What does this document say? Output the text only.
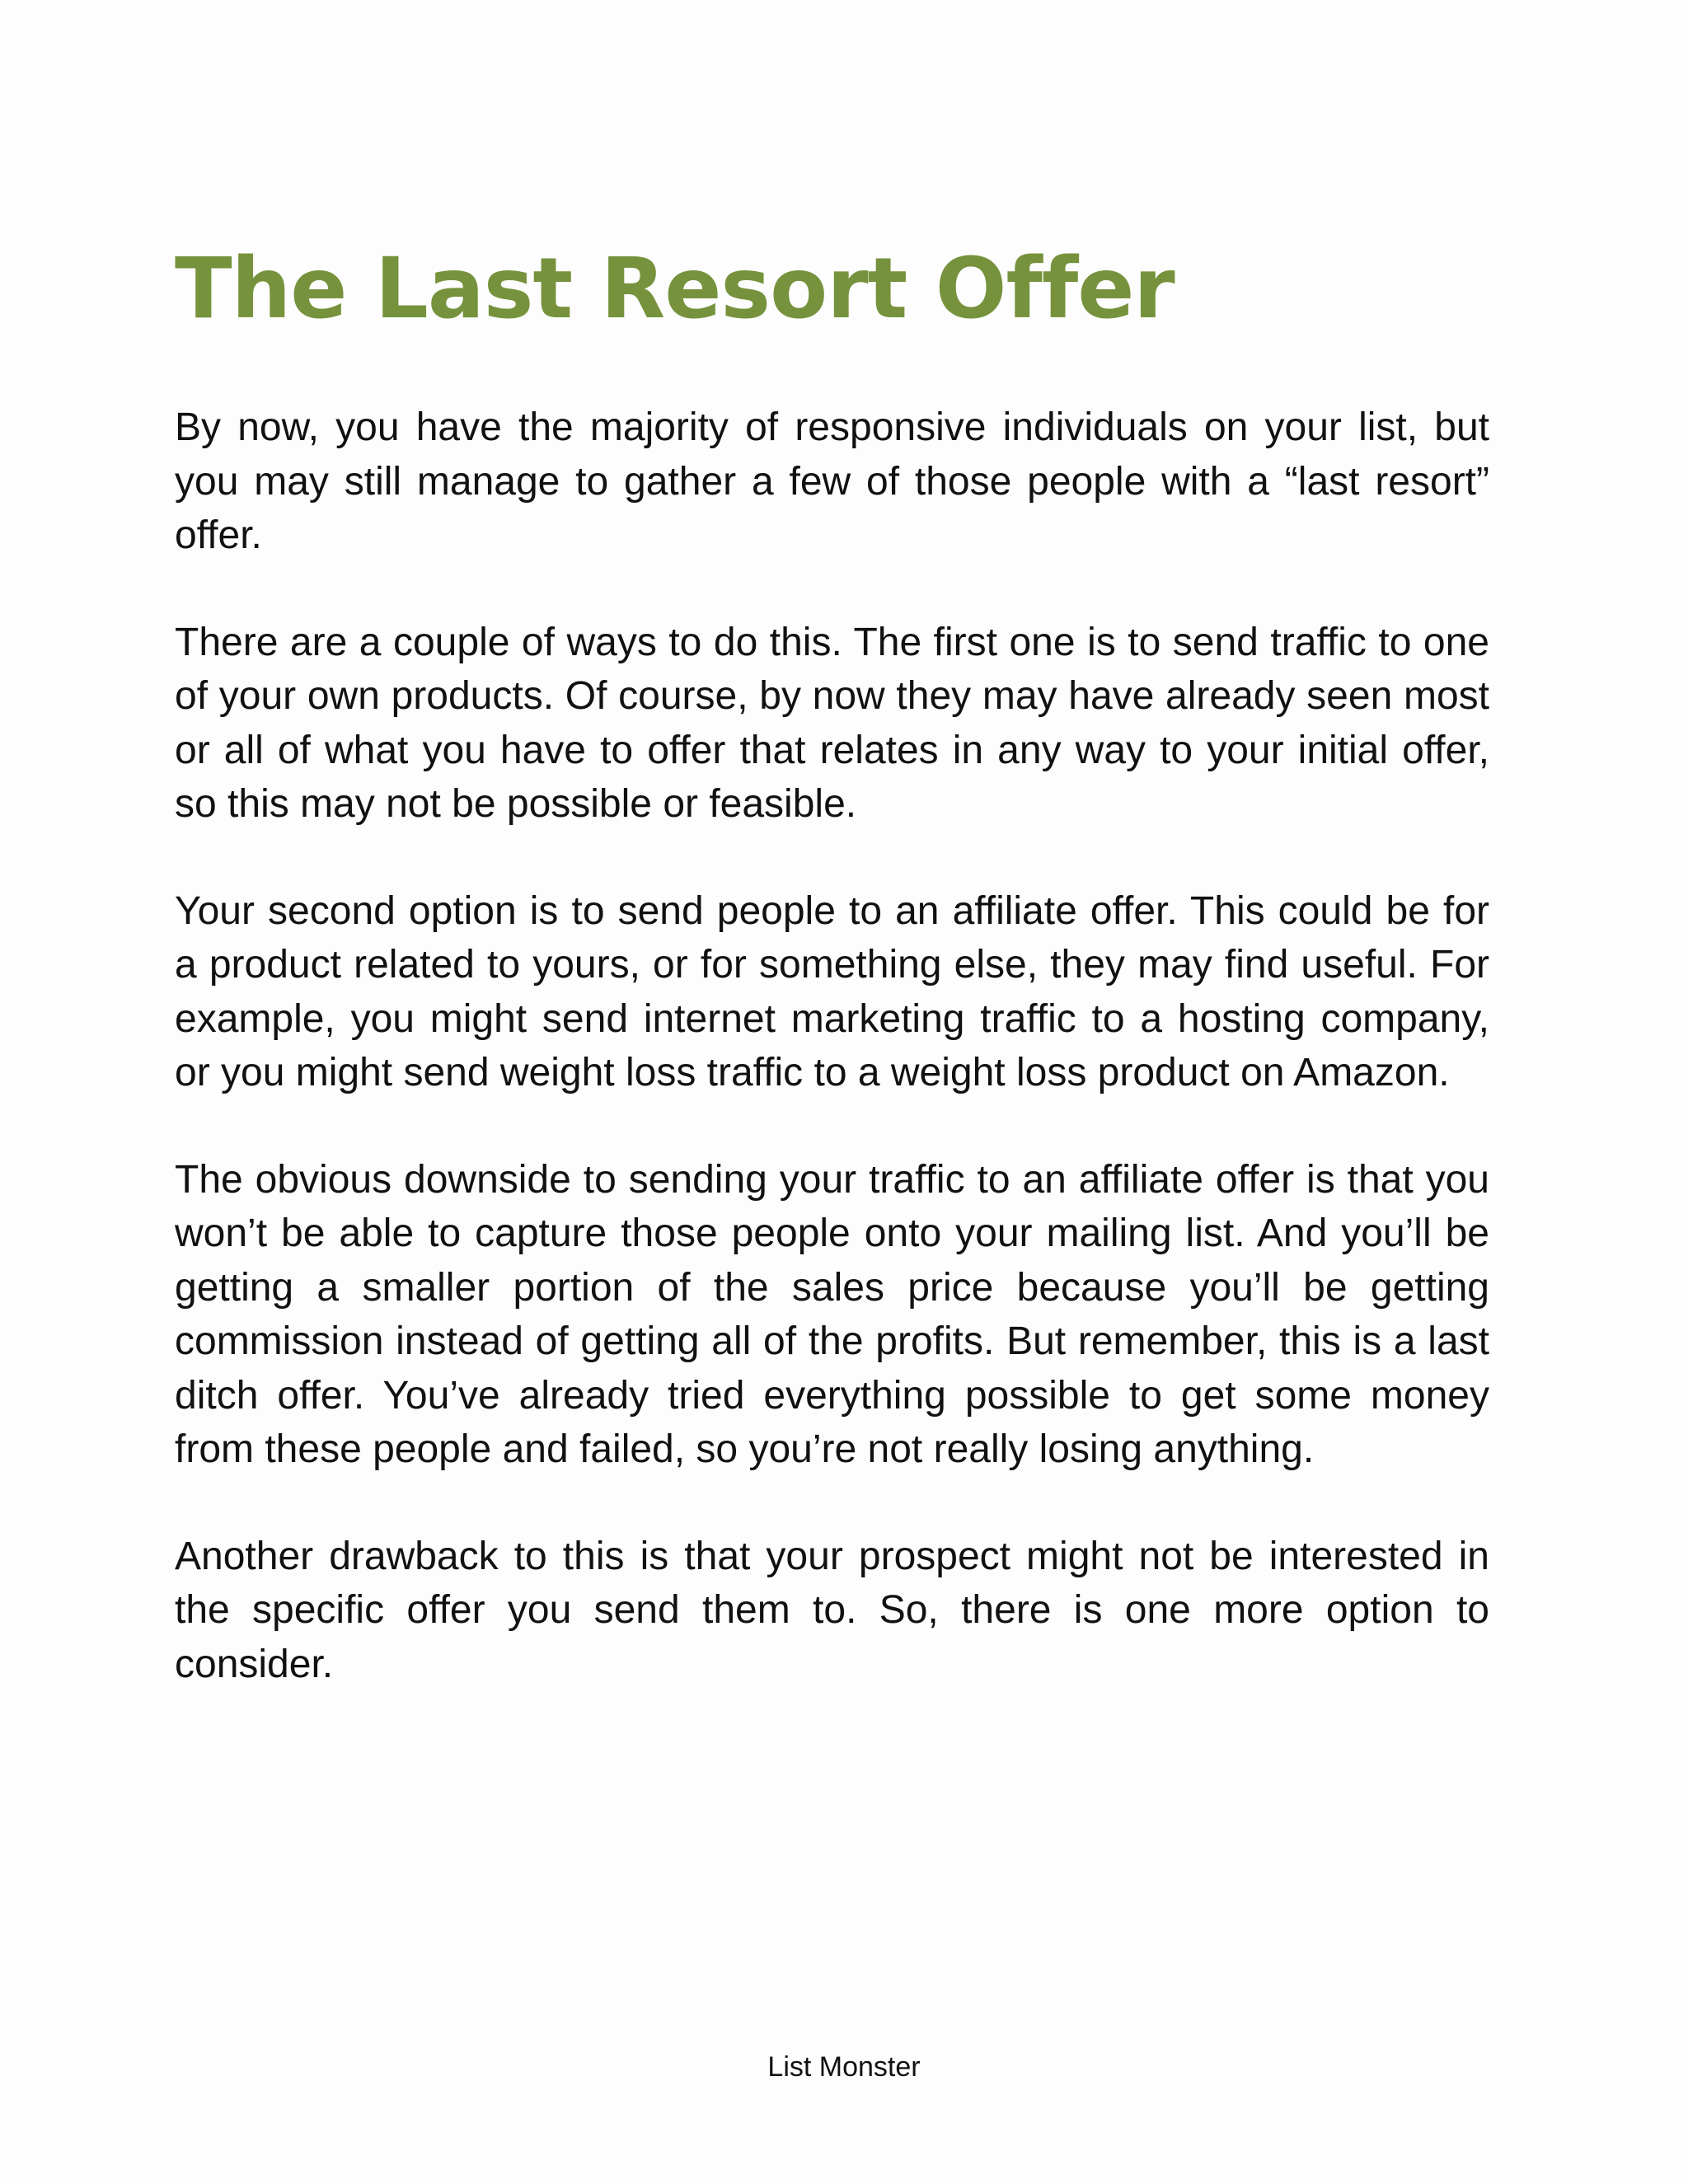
The Last Resort Offer

By now, you have the majority of responsive individuals on your list, but you may still manage to gather a few of those people with a “last resort” offer.

There are a couple of ways to do this. The first one is to send traffic to one of your own products. Of course, by now they may have already seen most or all of what you have to offer that relates in any way to your initial offer, so this may not be possible or feasible.

Your second option is to send people to an affiliate offer. This could be for a product related to yours, or for something else, they may find useful. For example, you might send internet marketing traffic to a hosting company, or you might send weight loss traffic to a weight loss product on Amazon.

The obvious downside to sending your traffic to an affiliate offer is that you won’t be able to capture those people onto your mailing list. And you’ll be getting a smaller portion of the sales price because you’ll be getting commission instead of getting all of the profits. But remember, this is a last ditch offer. You’ve already tried everything possible to get some money from these people and failed, so you’re not really losing anything.

Another drawback to this is that your prospect might not be interested in the specific offer you send them to. So, there is one more option to consider.

List Monster
